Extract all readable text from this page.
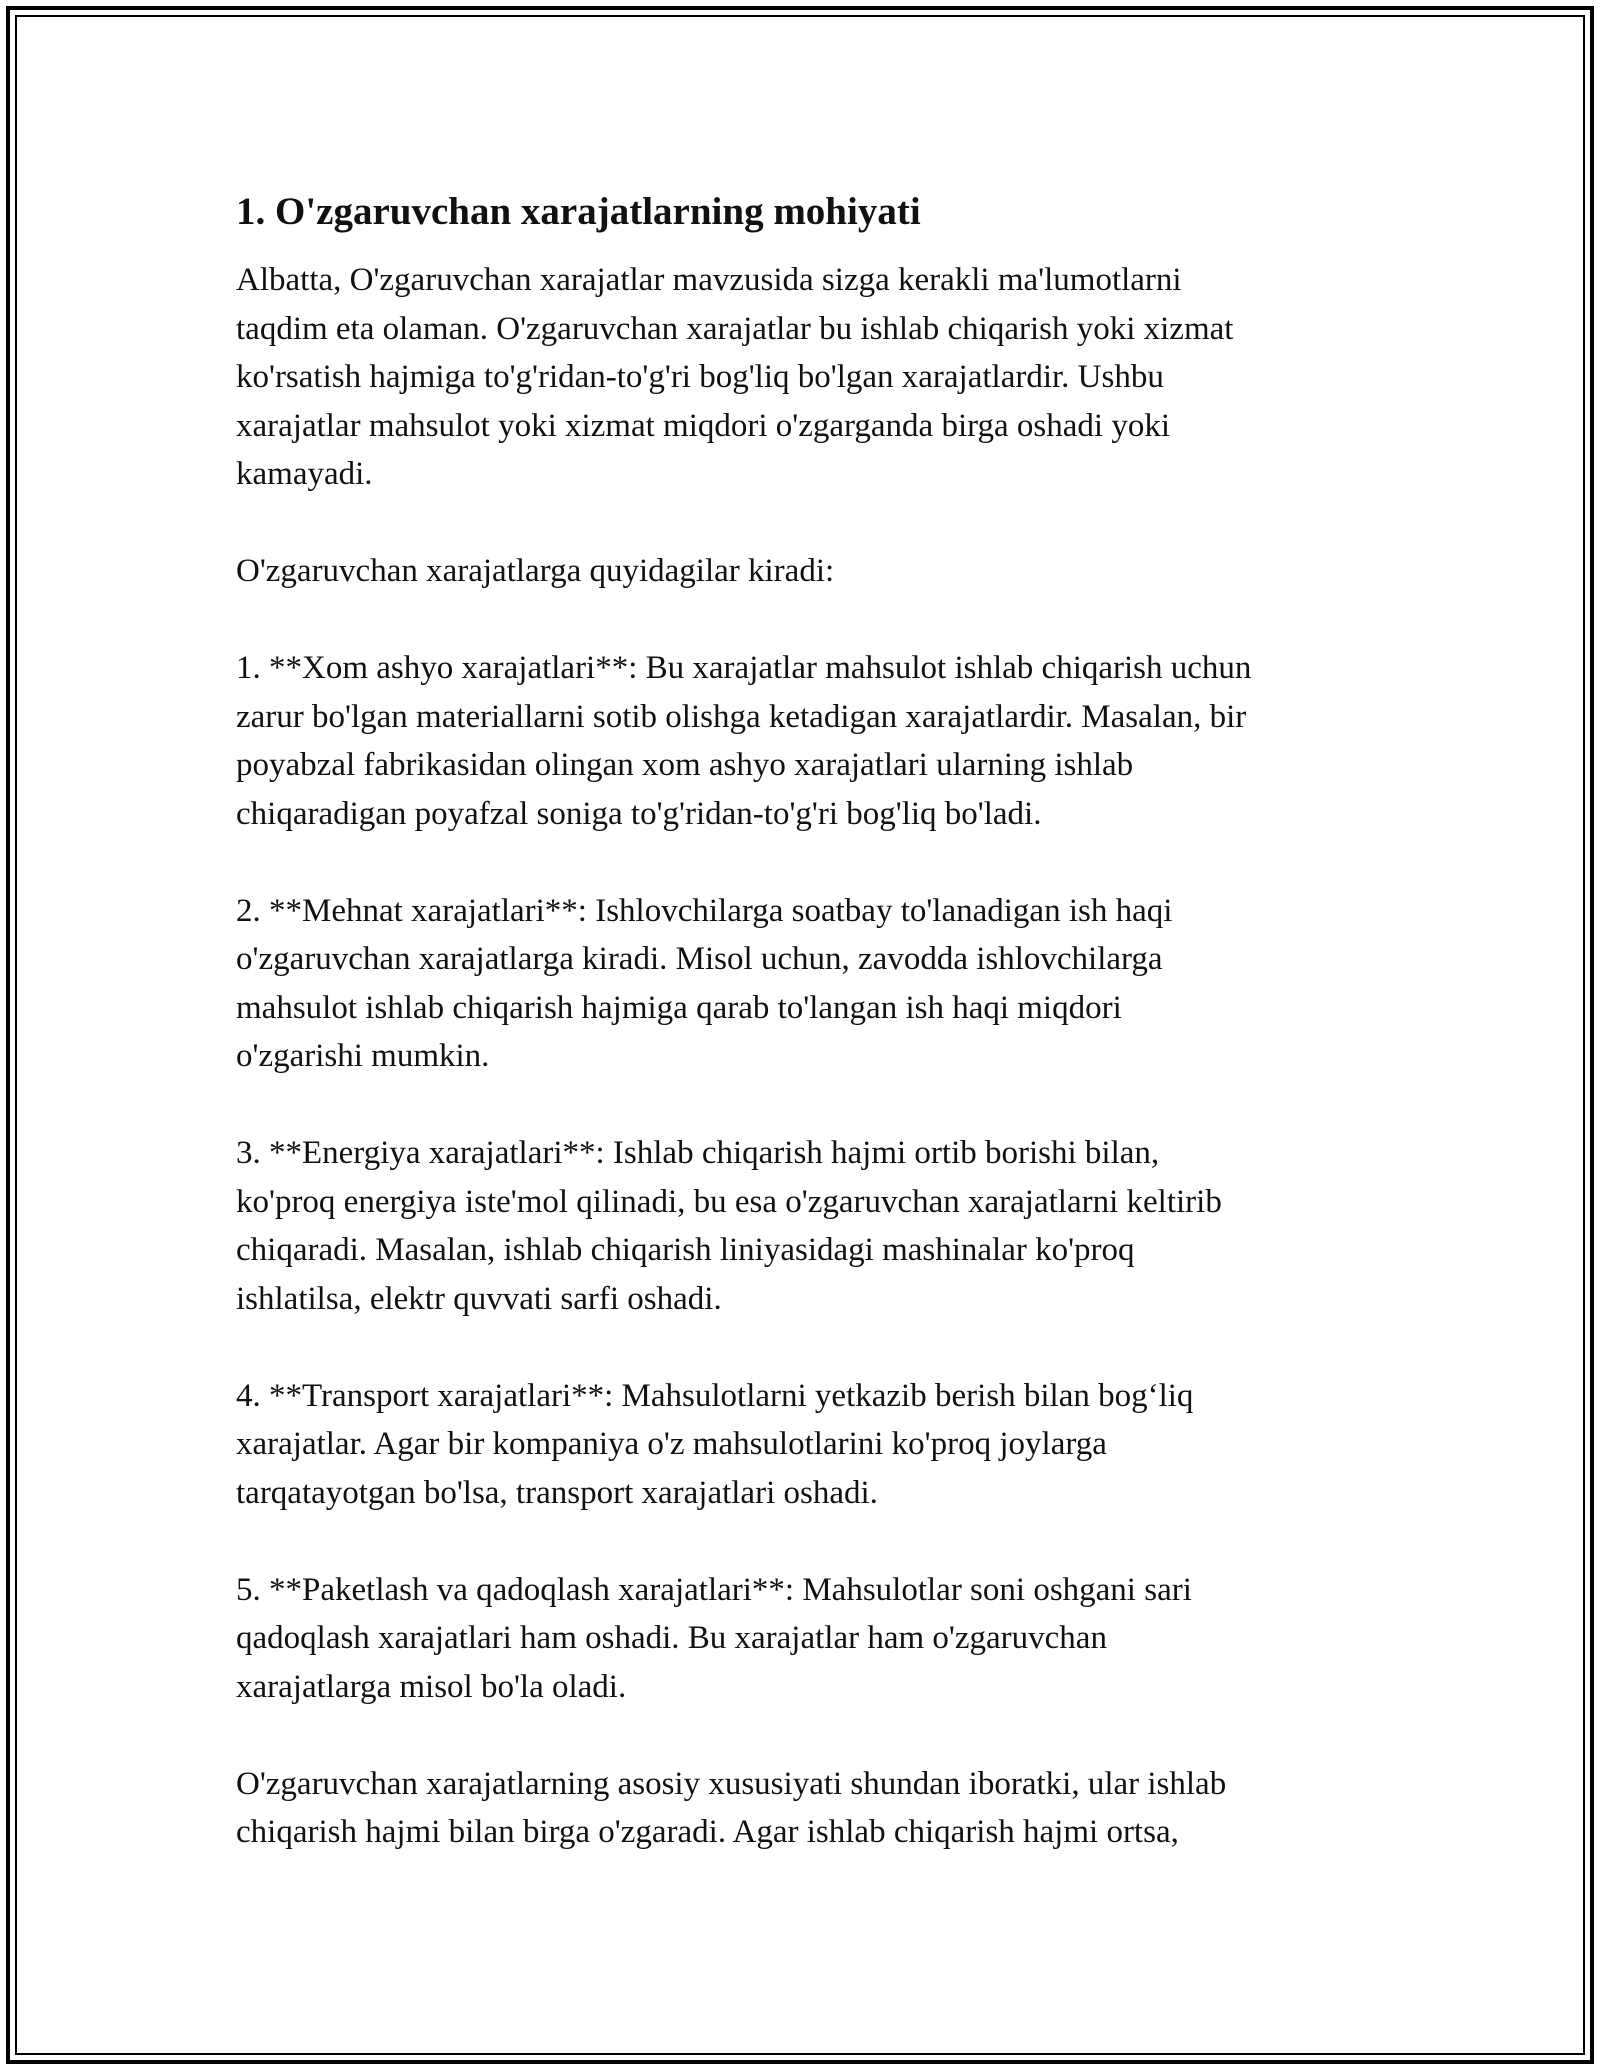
1. O'zgaruvchan xarajatlarning mohiyati

Albatta, O'zgaruvchan xarajatlar mavzusida sizga kerakli ma'lumotlarni
taqdim eta olaman. O'zgaruvchan xarajatlar bu ishlab chiqarish yoki xizmat
ko'rsatish hajmiga to'g'ridan-to'g'ri bog'liq bo'lgan xarajatlardir. Ushbu
xarajatlar mahsulot yoki xizmat miqdori o'zgarganda birga oshadi yoki
kamayadi.

O'zgaruvchan xarajatlarga quyidagilar kiradi:

1. **Xom ashyo xarajatlari**: Bu xarajatlar mahsulot ishlab chiqarish uchun
zarur bo'lgan materiallarni sotib olishga ketadigan xarajatlardir. Masalan, bir
poyabzal fabrikasidan olingan xom ashyo xarajatlari ularning ishlab
chiqaradigan poyafzal soniga to'g'ridan-to'g'ri bog'liq bo'ladi.

2. **Mehnat xarajatlari**: Ishlovchilarga soatbay to'lanadigan ish haqi
o'zgaruvchan xarajatlarga kiradi. Misol uchun, zavodda ishlovchilarga
mahsulot ishlab chiqarish hajmiga qarab to'langan ish haqi miqdori
o'zgarishi mumkin.

3. **Energiya xarajatlari**: Ishlab chiqarish hajmi ortib borishi bilan,
ko'proq energiya iste'mol qilinadi, bu esa o'zgaruvchan xarajatlarni keltirib
chiqaradi. Masalan, ishlab chiqarish liniyasidagi mashinalar ko'proq
ishlatilsa, elektr quvvati sarfi oshadi.

4. **Transport xarajatlari**: Mahsulotlarni yetkazib berish bilan bog‘liq
xarajatlar. Agar bir kompaniya o'z mahsulotlarini ko'proq joylarga
tarqatayotgan bo'lsa, transport xarajatlari oshadi.

5. **Paketlash va qadoqlash xarajatlari**: Mahsulotlar soni oshgani sari
qadoqlash xarajatlari ham oshadi. Bu xarajatlar ham o'zgaruvchan
xarajatlarga misol bo'la oladi.

O'zgaruvchan xarajatlarning asosiy xususiyati shundan iboratki, ular ishlab
chiqarish hajmi bilan birga o'zgaradi. Agar ishlab chiqarish hajmi ortsa,
